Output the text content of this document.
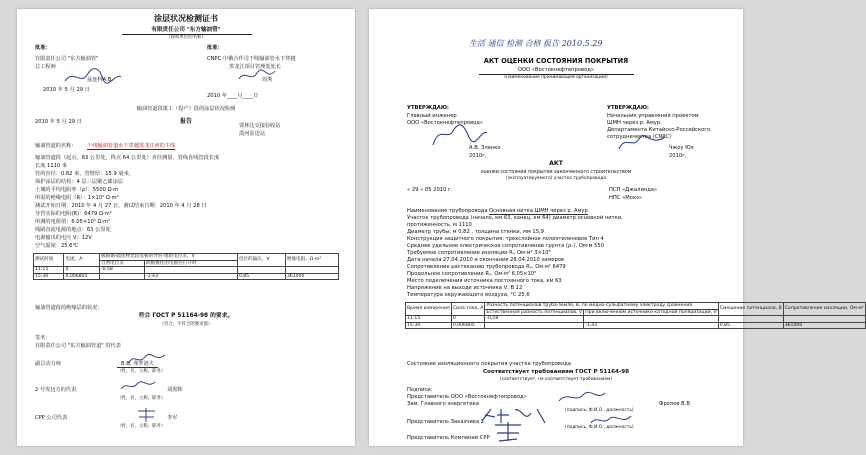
涂层状况检测证书
有限责任公司 "东方输油管"
（接收单位的名称）
批准：	批准：
有限责任公司 "东方输油管"
总工程师
CNPC 中俄合作司干线输油管水下穿越
黑龙江项目管理处处长
兹连科A.B.	周秀
2010 年 5 月 29 日
2010 年____月____日
输油管道段竣工（投产）段的涂层状况检测
2010 年 5 月 29 日	报告
贾林达交接验收站
漠河泵送站
输油管道的名称： 干线输油管道水下穿越黑龙江河的主线
输油管道段（起点，63 公里处，终点 64 公里处）直径测量，管线直线管段长度
长度 1110 米
管的直径：0.82 米，管壁厚：15.9 毫米。
保护涂层的结构：4 层三层聚乙烯涂层
土壤的平均电阻率（ρ）：5500 Ω·m
所需的绝缘电阻（R）：1×10⁵ Ω·m²
测试开始日期：2010 年 4 月 27 日，测试结束日期：2010 年 4 月 28 日
导管实际的电阻(R)：6479 Ω·m²
所测的电阻值：6.05×10⁵ Ω·m²
线路直流电源的地点：63 公里处
电源输出的电压 V：12V
空气温度：25.6℃
测试时间	电流，A	极限铜-硫化物比较电极的导管-地的电位差，V		电位的偏压，V	绝缘电阻，Ω·m²
		自然电位差	阴极极化的电极位打开时		
11:15	0	-0.58			
15:30	0.006805		-1.43	0.85	361000
输油管道段的绝缘层的状况：
符合 ГОСТ Р 51164-98 的要求。
（符合，不符合的要求值）
签名：
有限责任公司 "东方输油管道" 的代表
副总动力师	B.B. 弗罗洛夫
（姓，名，父称，职务）
2 号发包方的代表	刘墨辉
（姓，名，父称，职务）
CPP 公司代表	李军
（姓，名，父称，职务）
生活 通信 检测 合格 报告 2010.5.29
АКТ ОЦЕНКИ СОСТОЯНИЯ ПОКРЫТИЯ
ООО «Востокнефтепровод»
(наименование принимающей организации)
УТВЕРЖДАЮ:
Главный инженер
ООО «Востокнефтепровод»
А.В. Зленко
2010г.
УТВЕРЖДАЮ:
Начальник управления проектом
ШМН через р. Амур
Департамента Китайско-Российского
сотрудничества (CNPC)
Чжоу Юэ
2010г.
АКТ
оценки состояния покрытия законченного строительством
(эксплуатируемого) участка трубопровода
« 29 » 05 2010 г.	ПСП «Джалинда»
НПС «Мохэ»
Наименование трубопровода Основная нитка ШМН через р. Амур
Участок трубопровода (начало, км 63, конец, км 64) диаметр основной нитки,
протяженность, м 1110
Диаметр трубы, м 0,82 , толщина стенки, мм 15,9
Конструкция защитного покрытия: трехслойное полиэтиленовое Тип 4
Среднее удельное электрическое сопротивление грунта (ρₓ), Ом·м 550
Требуемое сопротивление изоляции Rᵢ, Ом·м² 3×10⁵
Дата начала 27.04.2010 и окончания 28.04.2010 замеров
Сопротивление растеканию трубопровода Rₚ, Ом·м² 6479
Продольное сопротивление Rₙ, Ом·м² 6,05×10⁵
Место подключения источника постоянного тока, км 63
Напряжение на выходе источника V, В 12
Температура окружающего воздуха, °С 25,6
Время измерения	Сила тока, А	Разность потенциалов труба-земля, В, по медно-сульфатному электроду сравнения		Смещение потенциала, В	Сопротивление изоляции, Ом·м²
		Естественная разность потенциалов, V	При включенном источнике катодной поляризации, V		
11:15	0	-0,58			
15:30	0,006805		-1,43	0,85	361000
Состояние изоляционного покрытия участка трубопровода
Соответствует требованиям ГОСТ Р 51164-98
(соответствует, не соответствует требованиям)
Подписи:
Представитель ООО «Востокнефтепровод»
Зам. Главного энергетика	Фролов В.В
(подпись, Ф.И.О., должность)
Представитель Заказчика 2
(подпись, Ф.И.О., должность)
Представитель Компании CPP
